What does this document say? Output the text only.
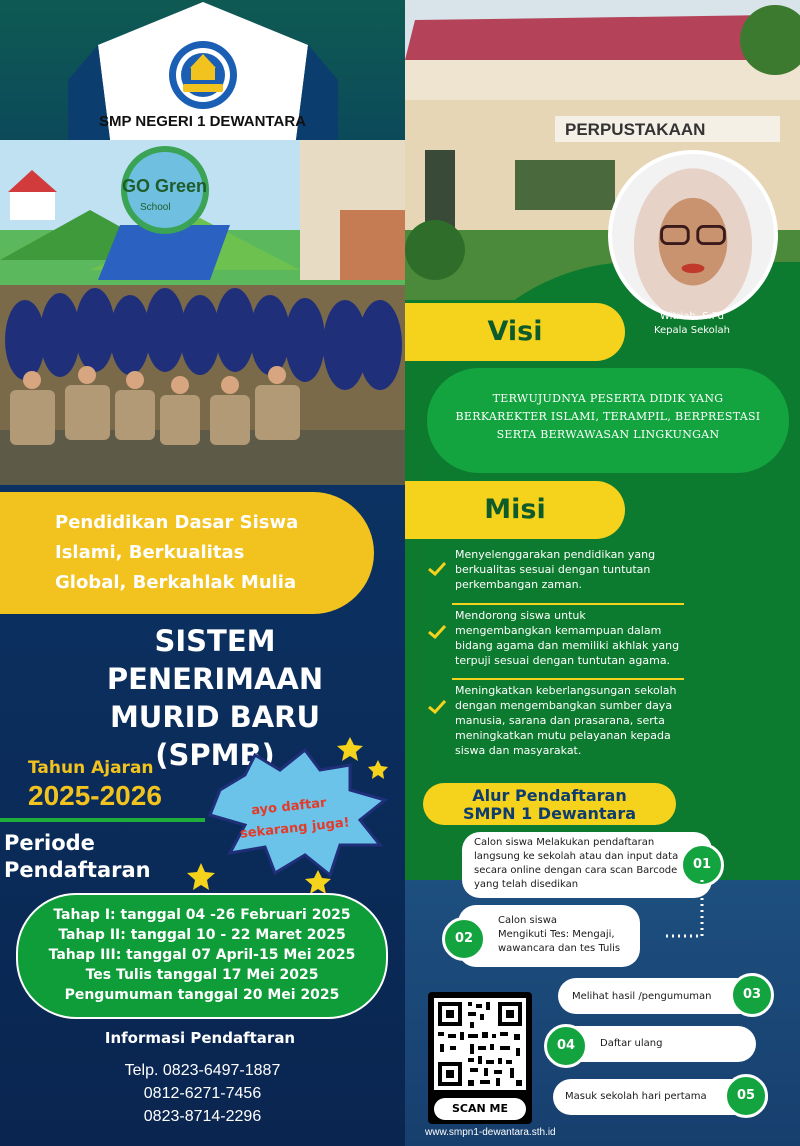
SMP NEGERI 1 DEWANTARA
GO Green
School
Pendidikan Dasar Siswa
Islami, Berkualitas
Global, Berkahlak Mulia
SISTEM
PENERIMAAN
MURID BARU
(SPMB)
Tahun Ajaran
2025-2026
Periode
Pendaftaran
ayo daftar
sekarang juga!
Tahap I: tanggal 04 -26 Februari 2025
Tahap II: tanggal 10 - 22 Maret 2025
Tahap III: tanggal 07 April-15 Mei 2025
Tes Tulis tanggal 17 Mei 2025
Pengumuman tanggal 20 Mei 2025
Informasi Pendaftaran
Telp. 0823-6497-1887
0812-6271-7456
0823-8714-2296
PERPUSTAKAAN
Witriah, S.Pd
Kepala Sekolah
Visi
TERWUJUDNYA PESERTA DIDIK YANG
BERKAREKTER ISLAMI, TERAMPIL, BERPRESTASI
SERTA BERWAWASAN LINGKUNGAN
Misi
Menyelenggarakan pendidikan yang
berkualitas sesuai dengan tuntutan
perkembangan zaman.
Mendorong siswa untuk
mengembangkan kemampuan dalam
bidang agama dan memiliki akhlak yang
terpuji sesuai dengan tuntutan agama.
Meningkatkan keberlangsungan sekolah
dengan mengembangkan sumber daya
manusia, sarana dan prasarana, serta
meningkatkan mutu pelayanan kepada
siswa dan masyarakat.
Alur Pendaftaran
SMPN 1 Dewantara
Calon siswa Melakukan pendaftaran
langsung ke sekolah atau dan input data
secara online dengan cara scan Barcode
yang telah disedikan
01
Calon siswa
Mengikuti Tes: Mengaji,
wawancara dan tes Tulis
02
Melihat hasil /pengumuman	03
Daftar ulang
04
Masuk sekolah hari pertama	05
SCAN ME
www.smpn1-dewantara.sth.id
